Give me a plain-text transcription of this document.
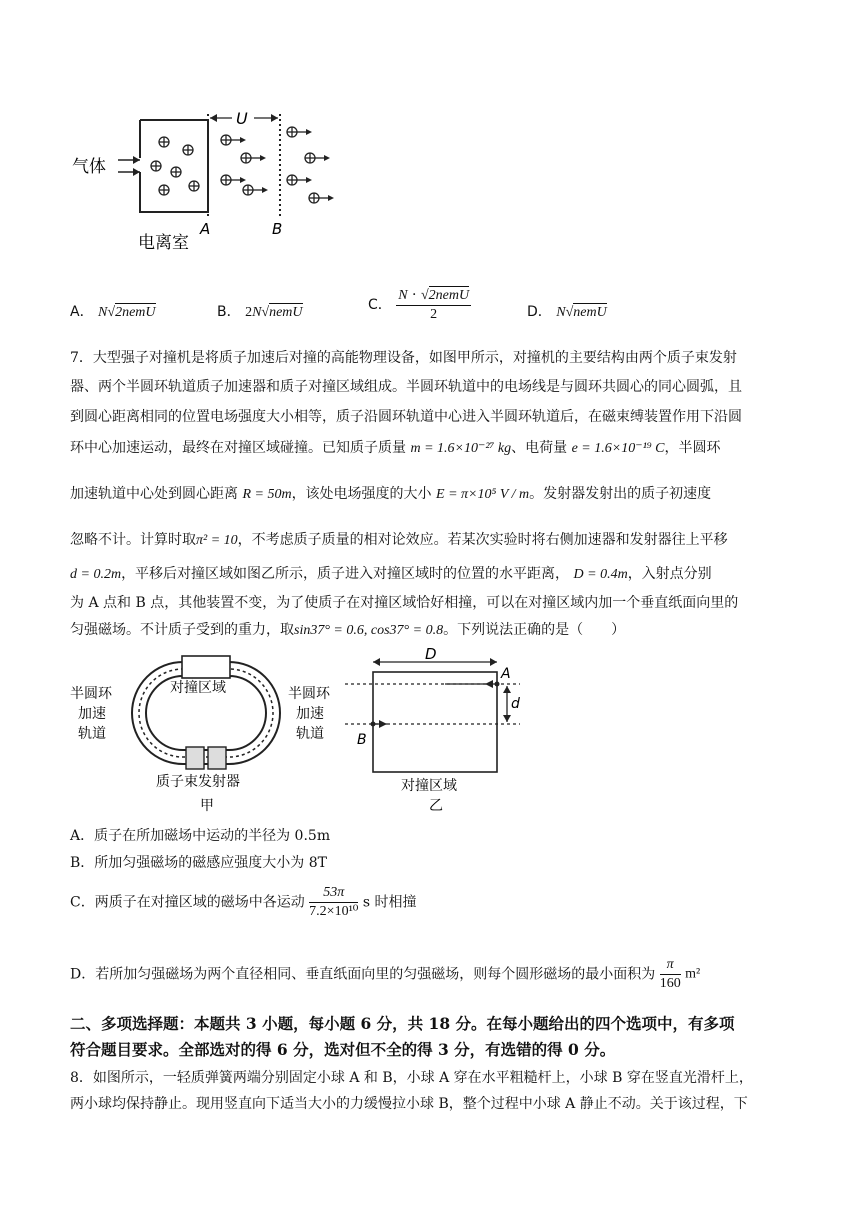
U
气体
A	B
电离室
A． N√2nemU	B． 2N√nemU	C． $\frac{\text{N · √2nemU}}{2}$	D． N√nemU
7．大型强子对撞机是将质子加速后对撞的高能物理设备，如图甲所示，对撞机的主要结构由两个质子束发射
器、两个半圆环轨道质子加速器和质子对撞区域组成。半圆环轨道中的电场线是与圆环共圆心的同心圆弧，且
到圆心距离相同的位置电场强度大小相等，质子沿圆环轨道中心进入半圆环轨道后，在磁束缚装置作用下沿圆
环中心加速运动，最终在对撞区域碰撞。已知质子质量 m = 1.6×10⁻²⁷ kg、电荷量 e = 1.6×10⁻¹⁹ C，半圆环
加速轨道中心处到圆心距离 R = 50m，该处电场强度的大小 E = π×10⁵ V / m。发射器发射出的质子初速度
忽略不计。计算时取π² = 10，不考虑质子质量的相对论效应。若某次实验时将右侧加速器和发射器往上平移
d = 0.2m，平移后对撞区域如图乙所示，质子进入对撞区域时的位置的水平距离， D = 0.4m，入射点分别
为 A 点和 B 点，其他装置不变，为了使质子在对撞区域恰好相撞，可以在对撞区域内加一个垂直纸面向里的
匀强磁场。不计质子受到的重力，取sin37° = 0.6, cos37° = 0.8。下列说法正确的是（　　）
对撞区域
半圆环
加速
轨道
半圆环
加速
轨道
质子束发射器
甲
D
A
B
d
对撞区域
乙
A．质子在所加磁场中运动的半径为 0.5m
B．所加匀强磁场的磁感应强度大小为 8T
C．两质子在对撞区域的磁场中各运动 $\frac{53\pi}{\text{7.2×10¹⁰}}$ s 时相撞
D．若所加匀强磁场为两个直径相同、垂直纸面向里的匀强磁场，则每个圆形磁场的最小面积为 $\frac{\pi}{160} m^2$
二、多项选择题：本题共 3 小题，每小题 6 分，共 18 分。在每小题给出的四个选项中，有多项
符合题目要求。全部选对的得 6 分，选对但不全的得 3 分，有选错的得 0 分。
8．如图所示，一轻质弹簧两端分别固定小球 A 和 B，小球 A 穿在水平粗糙杆上，小球 B 穿在竖直光滑杆上，
两小球均保持静止。现用竖直向下适当大小的力缓慢拉小球 B，整个过程中小球 A 静止不动。关于该过程，下
